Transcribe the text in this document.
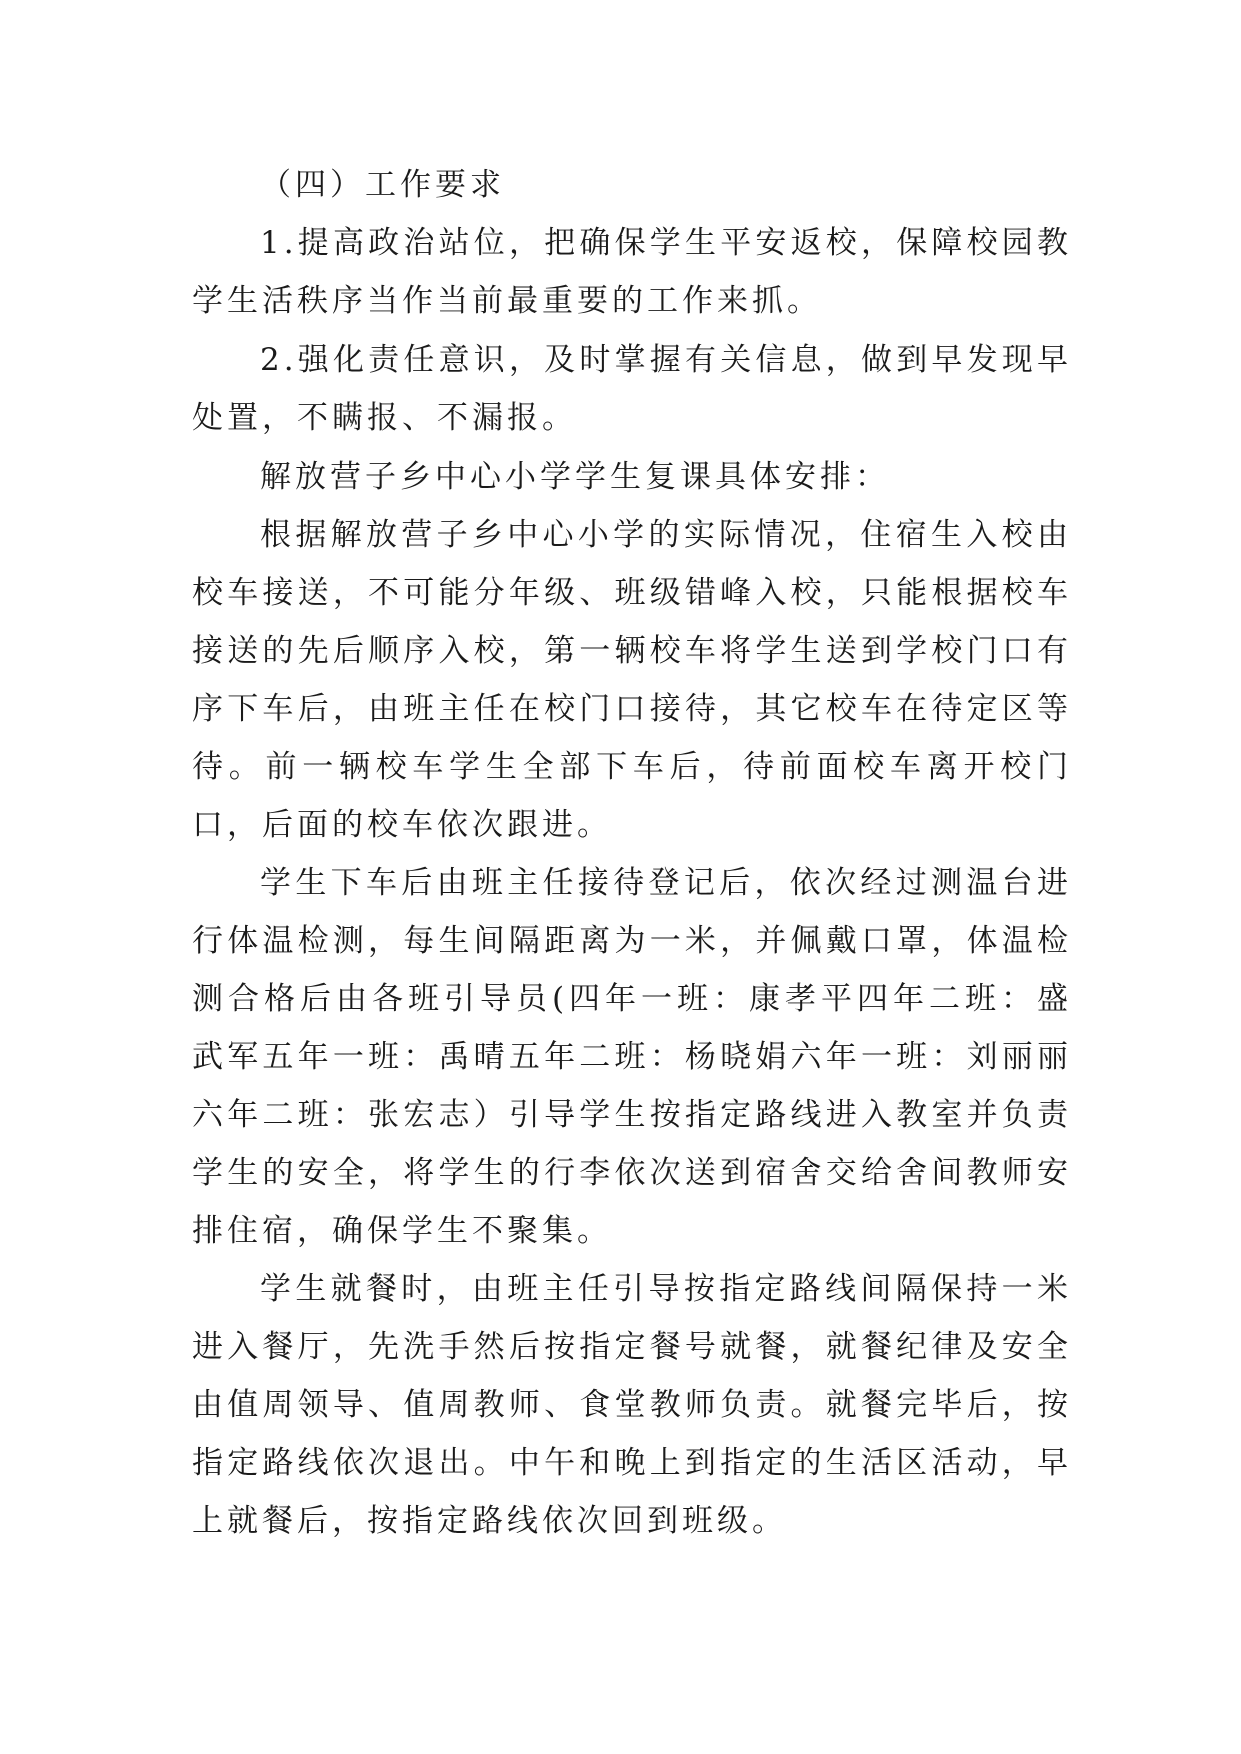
（四）工作要求

1.提高政治站位，把确保学生平安返校，保障校园教学生活秩序当作当前最重要的工作来抓。

2.强化责任意识，及时掌握有关信息，做到早发现早处置，不瞒报、不漏报。

解放营子乡中心小学学生复课具体安排：

根据解放营子乡中心小学的实际情况，住宿生入校由校车接送，不可能分年级、班级错峰入校，只能根据校车接送的先后顺序入校，第一辆校车将学生送到学校门口有序下车后，由班主任在校门口接待，其它校车在待定区等待。前一辆校车学生全部下车后，待前面校车离开校门口，后面的校车依次跟进。

学生下车后由班主任接待登记后，依次经过测温台进行体温检测，每生间隔距离为一米，并佩戴口罩，体温检测合格后由各班引导员(四年一班：康孝平四年二班：盛武军五年一班：禹晴五年二班：杨晓娟六年一班：刘丽丽六年二班：张宏志）引导学生按指定路线进入教室并负责学生的安全，将学生的行李依次送到宿舍交给舍间教师安排住宿，确保学生不聚集。

学生就餐时，由班主任引导按指定路线间隔保持一米进入餐厅，先洗手然后按指定餐号就餐，就餐纪律及安全由值周领导、值周教师、食堂教师负责。就餐完毕后，按指定路线依次退出。中午和晚上到指定的生活区活动，早上就餐后，按指定路线依次回到班级。
